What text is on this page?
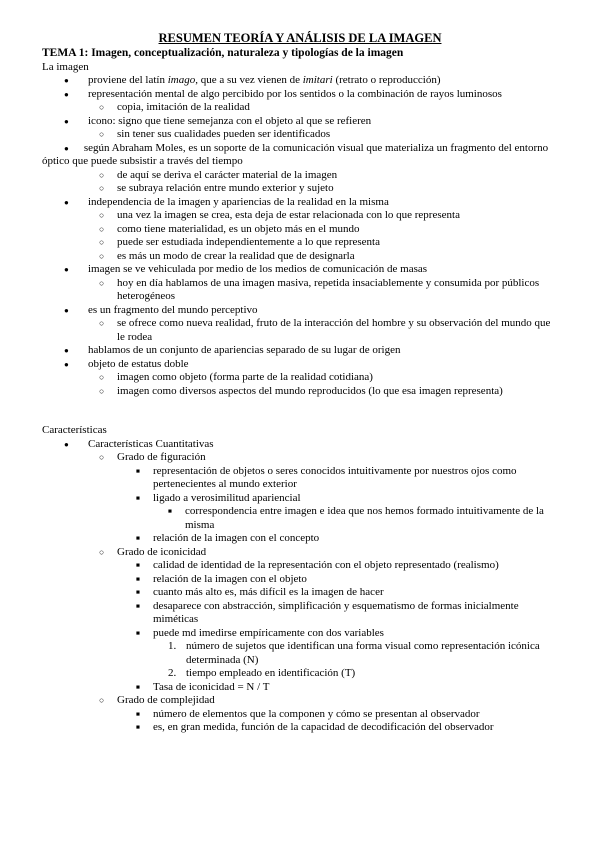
RESUMEN TEORÍA Y ANÁLISIS DE LA IMAGEN
TEMA 1: Imagen, conceptualización, naturaleza y tipologías de la imagen
La imagen
●	proviene del latín imago, que a su vez vienen de imitari (retrato o reproducción)
●	representación mental de algo percibido por los sentidos o la combinación de rayos luminosos
○	copia, imitación de la realidad
●	icono: signo que tiene semejanza con el objeto al que se refieren
○	sin tener sus cualidades pueden ser identificados
● según Abraham Moles, es un soporte de la comunicación visual que materializa un fragmento del entorno óptico que puede subsistir a través del tiempo
○	de aquí se deriva el carácter material de la imagen
○	se subraya relación entre mundo exterior y sujeto
●	independencia de la imagen y apariencias de la realidad en la misma
○	una vez la imagen se crea, esta deja de estar relacionada con lo que representa
○	como tiene materialidad, es un objeto más en el mundo
○	puede ser estudiada independientemente a lo que representa
○	es más un modo de crear la realidad que de designarla
●	imagen se ve vehiculada por medio de los medios de comunicación de masas
○	hoy en día hablamos de una imagen masiva, repetida insaciablemente y consumida por públicos heterogéneos
●	es un fragmento del mundo perceptivo
○	se ofrece como nueva realidad, fruto de la interacción del hombre y su observación del mundo que le rodea
●	hablamos de un conjunto de apariencias separado de su lugar de origen
●	objeto de estatus doble
○	imagen como objeto (forma parte de la realidad cotidiana)
○	imagen como diversos aspectos del mundo reproducidos (lo que esa imagen representa)
Características
●	Características Cuantitativas
○	Grado de figuración
■	representación de objetos o seres conocidos intuitivamente por nuestros ojos como pertenecientes al mundo exterior
■	ligado a verosimilitud apariencial
■	correspondencia entre imagen e idea que nos hemos formado intuitivamente de la misma
■	relación de la imagen con el concepto
○	Grado de iconicidad
■	calidad de identidad de la representación con el objeto representado (realismo)
■	relación de la imagen con el objeto
■	cuanto más alto es, más difícil es la imagen de hacer
■	desaparece con abstracción, simplificación y esquematismo de formas inicialmente miméticas
■	puede md imedirse empíricamente con dos variables
1. número de sujetos que identifican una forma visual como representación icónica determinada (N)
2. tiempo empleado en identificación (T)
■	Tasa de iconicidad = N / T
○	Grado de complejidad
■	número de elementos que la componen y cómo se presentan al observador
■	es, en gran medida, función de la capacidad de decodificación del observador
